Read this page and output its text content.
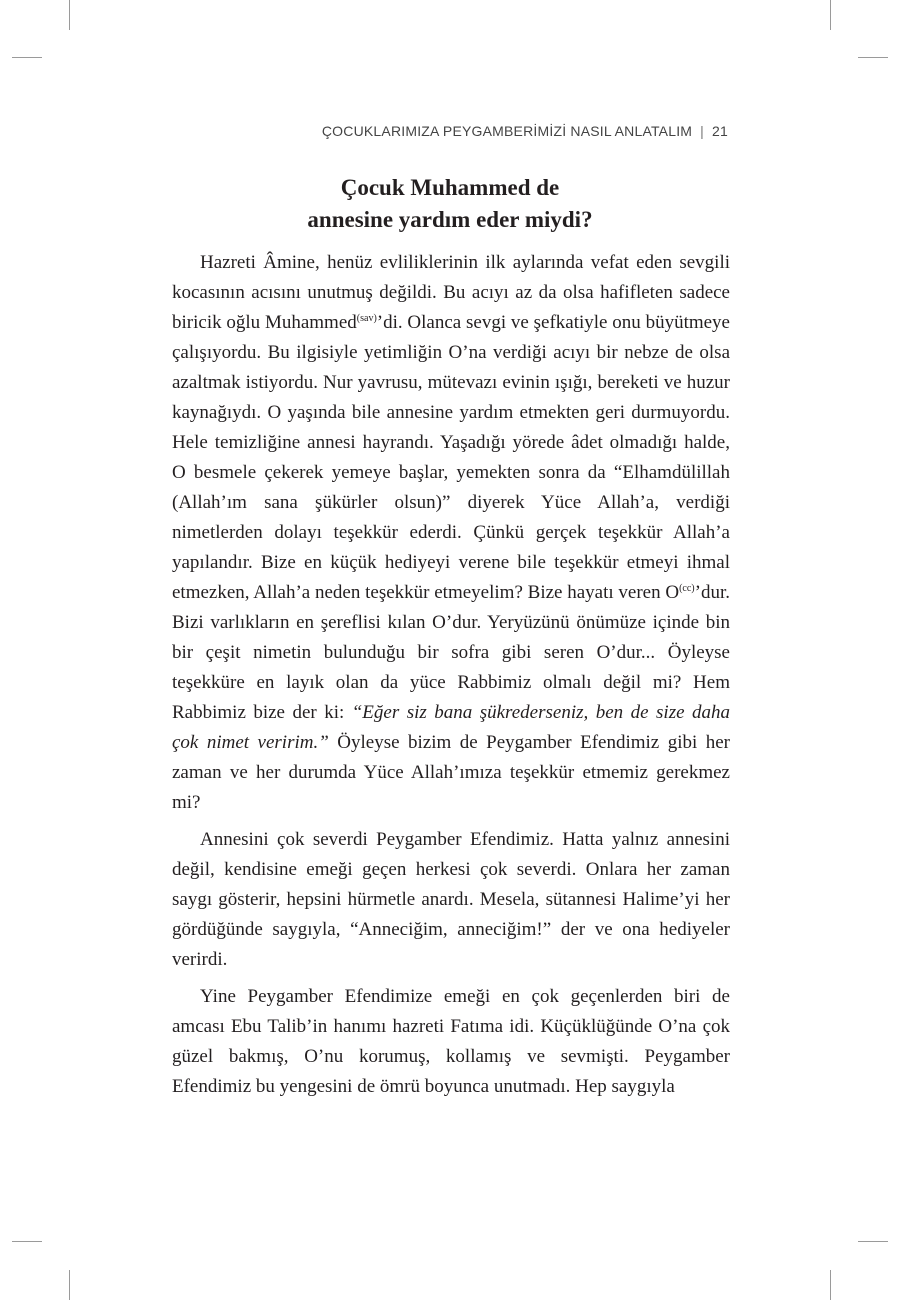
ÇOCUKLARIMIZA PEYGAMBERİMİZİ NASIL ANLATALIM | 21
Çocuk Muhammed de
annesine yardım eder miydi?

Hazreti Âmine, henüz evliliklerinin ilk aylarında vefat eden sevgili kocasının acısını unutmuş değildi. Bu acıyı az da olsa hafifleten sadece biricik oğlu Muhammed$^{(sav)}$’di. Olanca sevgi ve şefkatiyle onu büyütmeye çalışıyordu. Bu ilgisiyle yetimliğin O’na verdiği acıyı bir nebze de olsa azaltmak istiyordu. Nur yavrusu, mütevazı evinin ışığı, bereketi ve huzur kaynağıydı. O yaşında bile annesine yardım etmekten geri durmuyordu. Hele temizliğine annesi hayrandı. Yaşadığı yörede âdet olmadığı halde, O besmele çekerek yemeye başlar, yemekten sonra da “Elhamdülillah (Allah’ım sana şükürler olsun)” diyerek Yüce Allah’a, verdiği nimetlerden dolayı teşekkür ederdi. Çünkü gerçek teşekkür Allah’a yapılandır. Bize en küçük hediyeyi verene bile teşekkür etmeyi ihmal etmezken, Allah’a neden teşekkür etmeyelim? Bize hayatı veren $O^{(cc)}’dur$. Bizi varlıkların en şereflisi kılan O’dur. Yeryüzünü önümüze içinde bin bir çeşit nimetin bulunduğu bir sofra gibi seren O’dur... Öyleyse teşekküre en layık olan da yüce Rabbimiz olmalı değil mi? Hem Rabbimiz bize der ki: “Eğer siz bana şükrederseniz, ben de size daha çok nimet veririm.” Öyleyse bizim de Peygamber Efendimiz gibi her zaman ve her durumda Yüce Allah’ımıza teşekkür etmemiz gerekmez mi?

Annesini çok severdi Peygamber Efendimiz. Hatta yalnız annesini değil, kendisine emeği geçen herkesi çok severdi. Onlara her zaman saygı gösterir, hepsini hürmetle anardı. Mesela, sütannesi Halime’yi her gördüğünde saygıyla, “Anneciğim, anneciğim!” der ve ona hediyeler verirdi.

Yine Peygamber Efendimize emeği en çok geçenlerden biri de amcası Ebu Talib’in hanımı hazreti Fatıma idi. Küçüklüğünde O’na çok güzel bakmış, O’nu korumuş, kollamış ve sevmişti. Peygamber Efendimiz bu yengesini de ömrü boyunca unutmadı. Hep saygıyla
